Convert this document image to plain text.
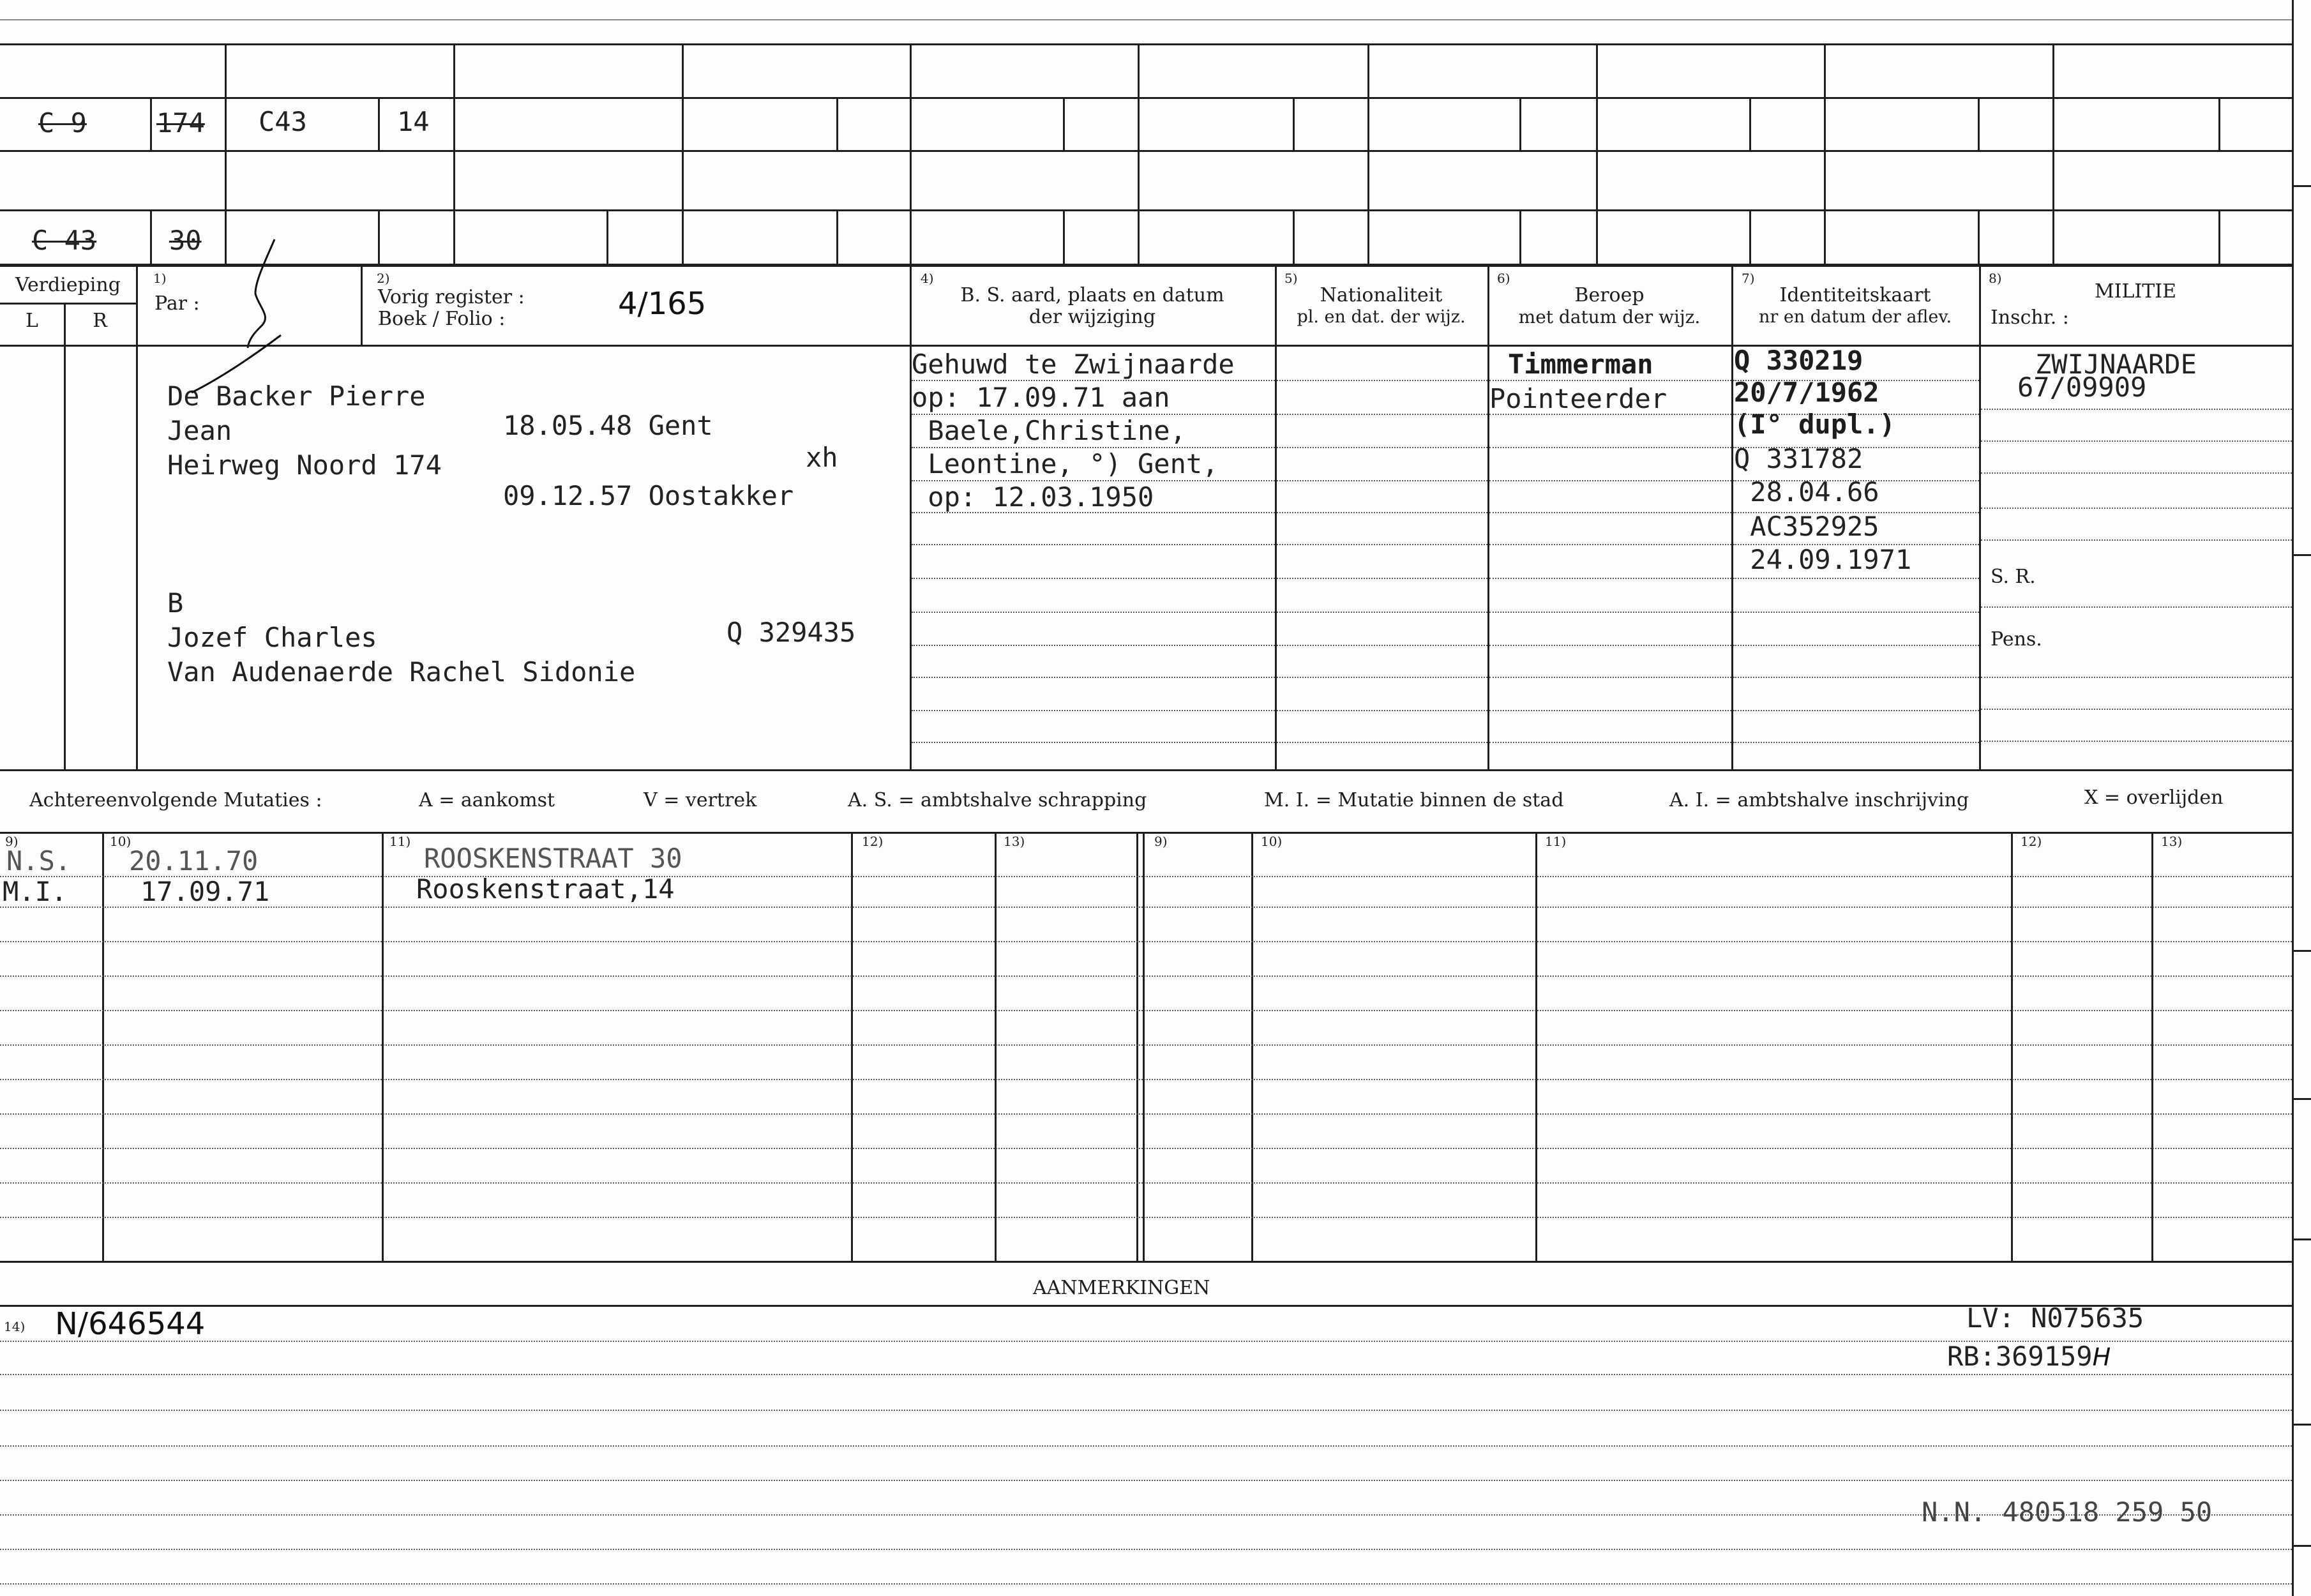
C 9	174 C43	14
C 43	30
Verdieping
L	R
1)
Par :
2)
Vorig register :
Boek / Folio :	4/165
4)
B. S. aard, plaats en datum
der wijziging
5)
Nationaliteit
pl. en dat. der wijz.
6)
Beroep
met datum der wijz.
7)
Identiteitskaart
nr en datum der aflev.
8)
MILITIE
Inschr. :
De Backer Pierre
Jean	18.05.48 Gent
Heirweg Noord 174	xh
09.12.57 Oostakker
B
Jozef Charles	Q 329435
Van Audenaerde Rachel Sidonie
Gehuwd te Zwijnaarde
op: 17.09.71 aan
Baele,Christine,
Leontine, °) Gent,
op: 12.03.1950
Timmerman
Pointeerder
Q 330219
20/7/1962
(I° dupl.)
Q 331782
28.04.66
AC352925
24.09.1971
ZWIJNAARDE
67/09909
S. R.
Pens.
Achtereenvolgende Mutaties :	A = aankomst	V = vertrek	A. S. = ambtshalve schrapping	M. I. = Mutatie binnen de stad	A. I. = ambtshalve inschrijving	X = overlijden
9)	10)	11)	12)	13)	9)	10)	11)	12)	13)
N.S. 20.11.70	ROOSKENSTRAAT 30
M.I.	17.09.71	Rooskenstraat,14
AANMERKINGEN
14) N/646544	LV: N075635
RB:369159H
N.N. 480518 259 50
